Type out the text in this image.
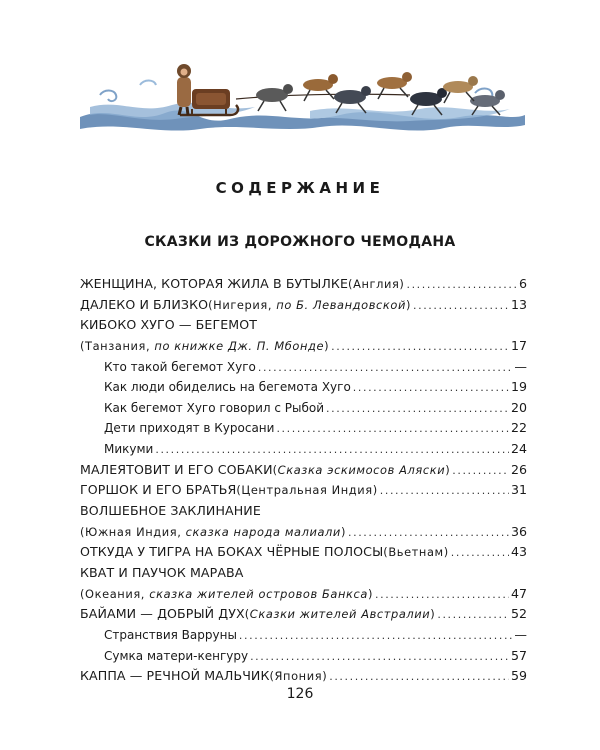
СОДЕРЖАНИЕ
СКАЗКИ ИЗ ДОРОЖНОГО ЧЕМОДАНА
ЖЕНЩИНА, КОТОРАЯ ЖИЛА В БУТЫЛКЕ (Англия) .....	6
ДАЛЕКО И БЛИЗКО (Нигерия, по Б. Левандовской) .....	13
КИБОКО ХУГО — БЕГЕМОТ
(Танзания, по книжке Дж. П. Мбонде) .....	17
Кто такой бегемот Хуго .....	—
Как люди обиделись на бегемота Хуго .....	19
Как бегемот Хуго говорил с Рыбой .....	20
Дети приходят в Куросани .....	22
Микуми .....	24
МАЛЕЯТОВИТ И ЕГО СОБАКИ (Сказка эскимосов Аляски) .....	26
ГОРШОК И ЕГО БРАТЬЯ (Центральная Индия) .....	31
ВОЛШЕБНОЕ ЗАКЛИНАНИЕ
(Южная Индия, сказка народа малиали) .....	36
ОТКУДА У ТИГРА НА БОКАХ ЧЁРНЫЕ ПОЛОСЫ (Вьетнам) .....	43
КВАТ И ПАУЧОК МАРАВА
(Океания, сказка жителей островов Банкса) .....	47
БАЙАМИ — ДОБРЫЙ ДУХ (Сказки жителей Австралии) .....	52
Странствия Варруны .....	—
Сумка матери-кенгуру .....	57
КАППА — РЕЧНОЙ МАЛЬЧИК (Япония) .....	59
126
